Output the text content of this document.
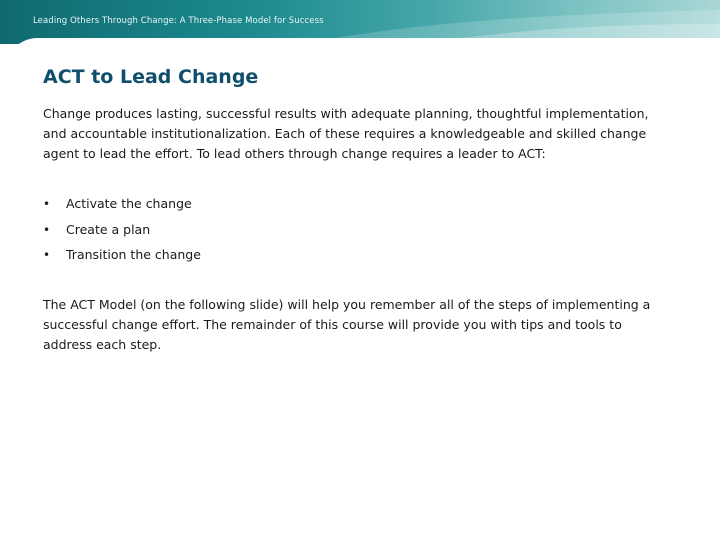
Leading Others Through Change: A Three-Phase Model for Success
ACT to Lead Change
Change produces lasting, successful results with adequate planning, thoughtful implementation,
and accountable institutionalization. Each of these requires a knowledgeable and skilled change
agent to lead the effort. To lead others through change requires a leader to ACT:
•	Activate the change
•	Create a plan
•	Transition the change
The ACT Model (on the following slide) will help you remember all of the steps of implementing a
successful change effort. The remainder of this course will provide you with tips and tools to
address each step.
